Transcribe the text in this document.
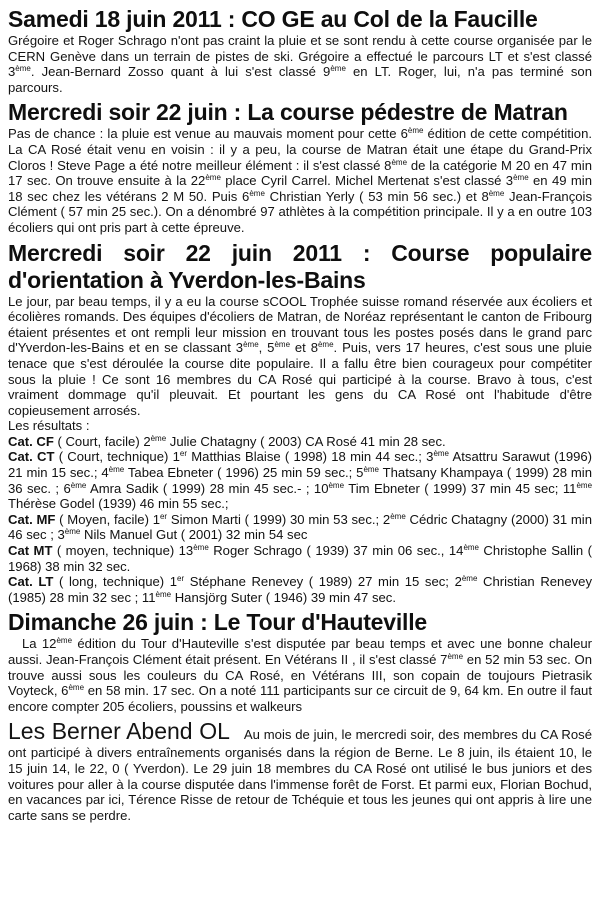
Samedi 18 juin 2011 : CO GE au Col de la Faucille

Grégoire et Roger Schrago n'ont pas craint la pluie et se sont rendu à cette course organisée par le CERN Genève dans un terrain de pistes de ski. Grégoire a effectué le parcours LT et s'est classé 3ème. Jean-Bernard Zosso quant à lui s'est classé 9ème en LT. Roger, lui, n'a pas terminé son parcours.

Mercredi soir 22 juin : La course pédestre de Matran

Pas de chance : la pluie est venue au mauvais moment pour cette 6ème édition de cette compétition. La CA Rosé était venu en voisin : il y a peu, la course de Matran était une étape du Grand-Prix Cloros ! Steve Page a été notre meilleur élément : il s'est classé 8ème de la catégorie M 20 en 47 min 17 sec. On trouve ensuite à la 22ème place Cyril Carrel. Michel Mertenat s'est classé 3ème en 49 min 18 sec chez les vétérans 2 M 50. Puis 6ème Christian Yerly ( 53 min 56 sec.) et 8ème Jean-François Clément ( 57 min 25 sec.). On a dénombré 97 athlètes à la compétition principale. Il y a en outre 103 écoliers qui ont pris part à cette épreuve.

Mercredi soir 22 juin 2011 : Course populaire d'orientation à Yverdon-les-Bains

Le jour, par beau temps, il y a eu la course sCOOL Trophée suisse romand réservée aux écoliers et écolières romands. Des équipes d'écoliers de Matran, de Noréaz représentant le canton de Fribourg étaient présentes et ont rempli leur mission en trouvant tous les postes posés dans le grand parc d'Yverdon-les-Bains et en se classant 3ème, 5ème et 8ème. Puis, vers 17 heures, c'est sous une pluie tenace que s'est déroulée la course dite populaire. Il a fallu être bien courageux pour compétiter sous la pluie ! Ce sont 16 membres du CA Rosé qui participé à la course. Bravo à tous, c'est vraiment dommage qu'il pleuvait. Et pourtant les gens du CA Rosé ont l'habitude d'être copieusement arrosés.

Les résultats :

Cat. CF ( Court, facile) 2ème Julie Chatagny ( 2003) CA Rosé 41 min 28 sec.

Cat. CT ( Court, technique) 1er Matthias Blaise ( 1998) 18 min 44 sec.; 3ème Atsattru Sarawut (1996) 21 min 15 sec.; 4ème Tabea Ebneter ( 1996) 25 min 59 sec.; 5ème Thatsany Khampaya ( 1999) 28 min 36 sec. ; 6ème Amra Sadik ( 1999) 28 min 45 sec.- ; 10ème Tim Ebneter ( 1999) 37 min 45 sec; 11ème Thérèse Godel (1939) 46 min 55 sec.;

Cat. MF ( Moyen, facile) 1er Simon Marti ( 1999) 30 min 53 sec.; 2ème Cédric Chatagny (2000) 31 min 46 sec ; 3ème Nils Manuel Gut ( 2001) 32 min 54 sec

Cat MT ( moyen, technique) 13ème Roger Schrago ( 1939) 37 min 06 sec., 14ème Christophe Sallin ( 1968) 38 min 32 sec.

Cat. LT ( long, technique) 1er Stéphane Renevey ( 1989) 27 min 15 sec; 2ème Christian Renevey (1985) 28 min 32 sec ; 11ème Hansjörg Suter ( 1946) 39 min 47 sec.

Dimanche 26 juin : Le Tour d'Hauteville

La 12ème édition du Tour d'Hauteville s'est disputée par beau temps et avec une bonne chaleur aussi. Jean-François Clément était présent. En Vétérans II , il s'est classé 7ème en 52 min 53 sec. On trouve aussi sous les couleurs du CA Rosé, en Vétérans III, son copain de toujours Pietrasik Voyteck, 6ème en 58 min. 17 sec. On a noté 111 participants sur ce circuit de 9, 64 km. En outre il faut encore compter 205 écoliers, poussins et walkeurs

Les Berner Abend OL Au mois de juin, le mercredi soir, des membres du CA Rosé ont participé à divers entraînements organisés dans la région de Berne. Le 8 juin, ils étaient 10, le 15 juin 14, le 22, 0 ( Yverdon). Le 29 juin 18 membres du CA Rosé ont utilisé le bus juniors et des voitures pour aller à la course disputée dans l'immense forêt de Forst. Et parmi eux, Florian Bochud, en vacances par ici, Térence Risse de retour de Tchéquie et tous les jeunes qui ont appris à lire une carte sans se perdre.
